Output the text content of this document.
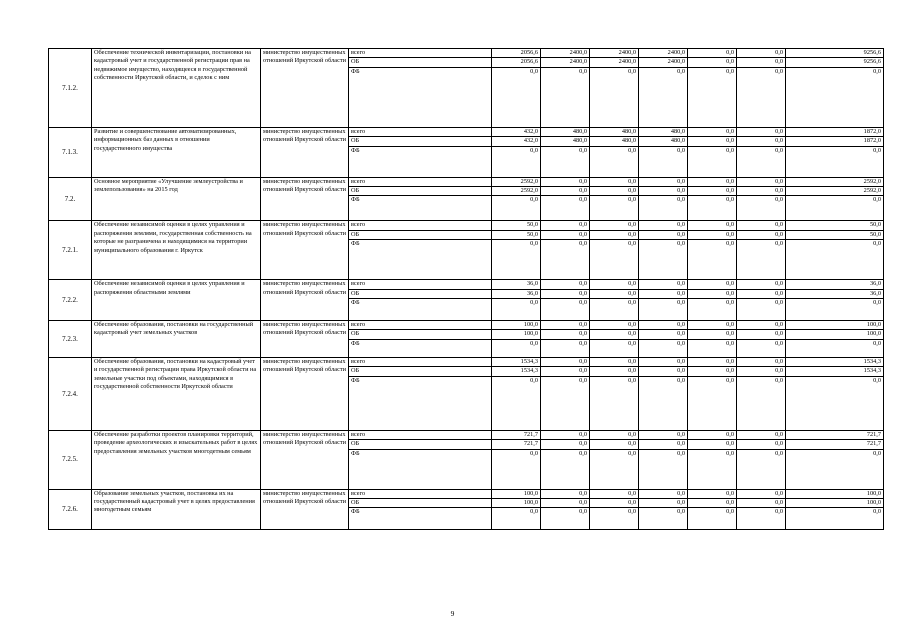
7.1.2.	Обеспечение технической инвентаризации, постановки на кадастровый учет и государственной регистрации прав на недвижимое имущество, находящееся в государственной собственности Иркутской области, и сделок с ним	министерство имущественных отношений Иркутской области	всего	2056,6	2400,0	2400,0	2400,0	0,0	0,0	9256,6
			ОБ	2056,6	2400,0	2400,0	2400,0	0,0	0,0	9256,6
			ФБ	0,0	0,0	0,0	0,0	0,0	0,0	0,0
7.1.3.	Развитие и совершенствование автоматизированных, информационных баз данных в отношении государственного имущества	министерство имущественных отношений Иркутской области	всего	432,0	480,0	480,0	480,0	0,0	0,0	1872,0
			ОБ	432,0	480,0	480,0	480,0	0,0	0,0	1872,0
			ФБ	0,0	0,0	0,0	0,0	0,0	0,0	0,0
7.2.	Основное мероприятие «Улучшение землеустройства и землепользования» на 2015 год	министерство имущественных отношений Иркутской области	всего	2592,0	0,0	0,0	0,0	0,0	0,0	2592,0
			ОБ	2592,0	0,0	0,0	0,0	0,0	0,0	2592,0
			ФБ	0,0	0,0	0,0	0,0	0,0	0,0	0,0
7.2.1.	Обеспечение независимой оценки в целях управления и распоряжения землями, государственная собственность на которые не разграничена и находящимися на территории муниципального образования г. Иркутск	министерство имущественных отношений Иркутской области	всего	50,0	0,0	0,0	0,0	0,0	0,0	50,0
			ОБ	50,0	0,0	0,0	0,0	0,0	0,0	50,0
			ФБ	0,0	0,0	0,0	0,0	0,0	0,0	0,0
7.2.2.	Обеспечение независимой оценки в целях управления и распоряжения областными землями	министерство имущественных отношений Иркутской области	всего	36,0	0,0	0,0	0,0	0,0	0,0	36,0
			ОБ	36,0	0,0	0,0	0,0	0,0	0,0	36,0
			ФБ	0,0	0,0	0,0	0,0	0,0	0,0	0,0
7.2.3.	Обеспечение образования, постановки на государственный кадастровый учет земельных участков	министерство имущественных отношений Иркутской области	всего	100,0	0,0	0,0	0,0	0,0	0,0	100,0
			ОБ	100,0	0,0	0,0	0,0	0,0	0,0	100,0
			ФБ	0,0	0,0	0,0	0,0	0,0	0,0	0,0
7.2.4.	Обеспечение образования, постановки на кадастровый учет и государственной регистрации права Иркутской области на земельные участки под объектами, находящимися в государственной собственности Иркутской области	министерство имущественных отношений Иркутской области	всего	1534,3	0,0	0,0	0,0	0,0	0,0	1534,3
			ОБ	1534,3	0,0	0,0	0,0	0,0	0,0	1534,3
			ФБ	0,0	0,0	0,0	0,0	0,0	0,0	0,0
7.2.5.	Обеспечение разработки проектов планировки территорий, проведение археологических и изыскательных работ в целях предоставления земельных участков многодетным семьям	министерство имущественных отношений Иркутской области	всего	721,7	0,0	0,0	0,0	0,0	0,0	721,7
			ОБ	721,7	0,0	0,0	0,0	0,0	0,0	721,7
			ФБ	0,0	0,0	0,0	0,0	0,0	0,0	0,0
7.2.6.	Образование земельных участков, постановка их на государственный кадастровый учет в целях предоставления многодетным семьям	министерство имущественных отношений Иркутской области	всего	100,0	0,0	0,0	0,0	0,0	0,0	100,0
			ОБ	100,0	0,0	0,0	0,0	0,0	0,0	100,0
			ФБ	0,0	0,0	0,0	0,0	0,0	0,0	0,0
9
